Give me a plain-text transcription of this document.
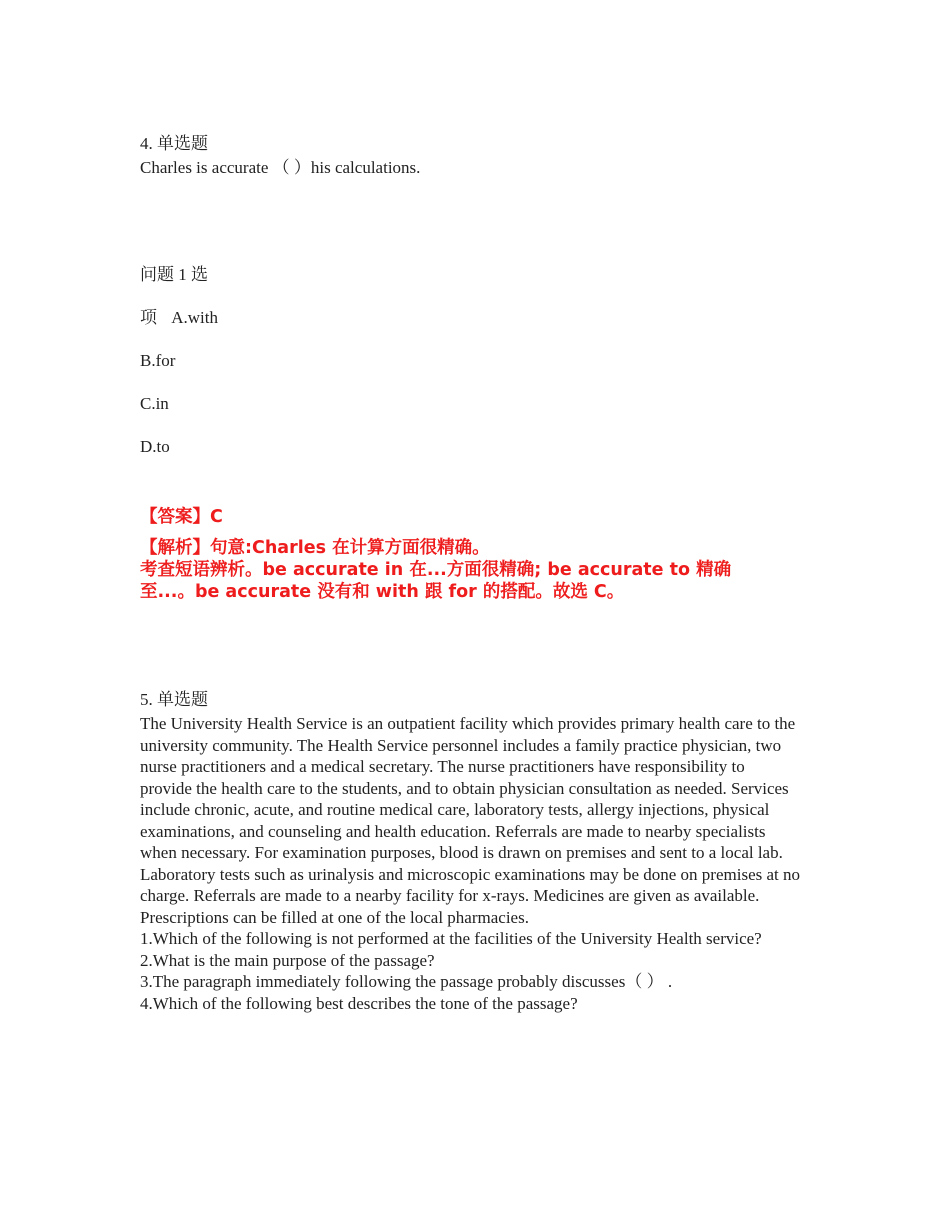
4. 单选题
Charles is accurate （ ）his calculations.
问题 1 选
项 A.with
B.for
C.in
D.to
【答案】C
【解析】句意:Charles 在计算方面很精确。
考查短语辨析。be accurate in 在...方面很精确; be accurate to 精确至...。be accurate 没有和 with 跟 for 的搭配。故选 C。
5. 单选题

The University Health Service is an outpatient facility which provides primary health care to the university community. The Health Service personnel includes a family practice physician, two nurse practitioners and a medical secretary. The nurse practitioners have responsibility to provide the health care to the students, and to obtain physician consultation as needed. Services include chronic, acute, and routine medical care, laboratory tests, allergy injections, physical examinations, and counseling and health education. Referrals are made to nearby specialists when necessary. For examination purposes, blood is drawn on premises and sent to a local lab. Laboratory tests such as urinalysis and microscopic examinations may be done on premises at no charge. Referrals are made to a nearby facility for x-rays. Medicines are given as available. Prescriptions can be filled at one of the local pharmacies.

1.Which of the following is not performed at the facilities of the University Health service?

2.What is the main purpose of the passage?

3.The paragraph immediately following the passage probably discusses（ ） .

4.Which of the following best describes the tone of the passage?
